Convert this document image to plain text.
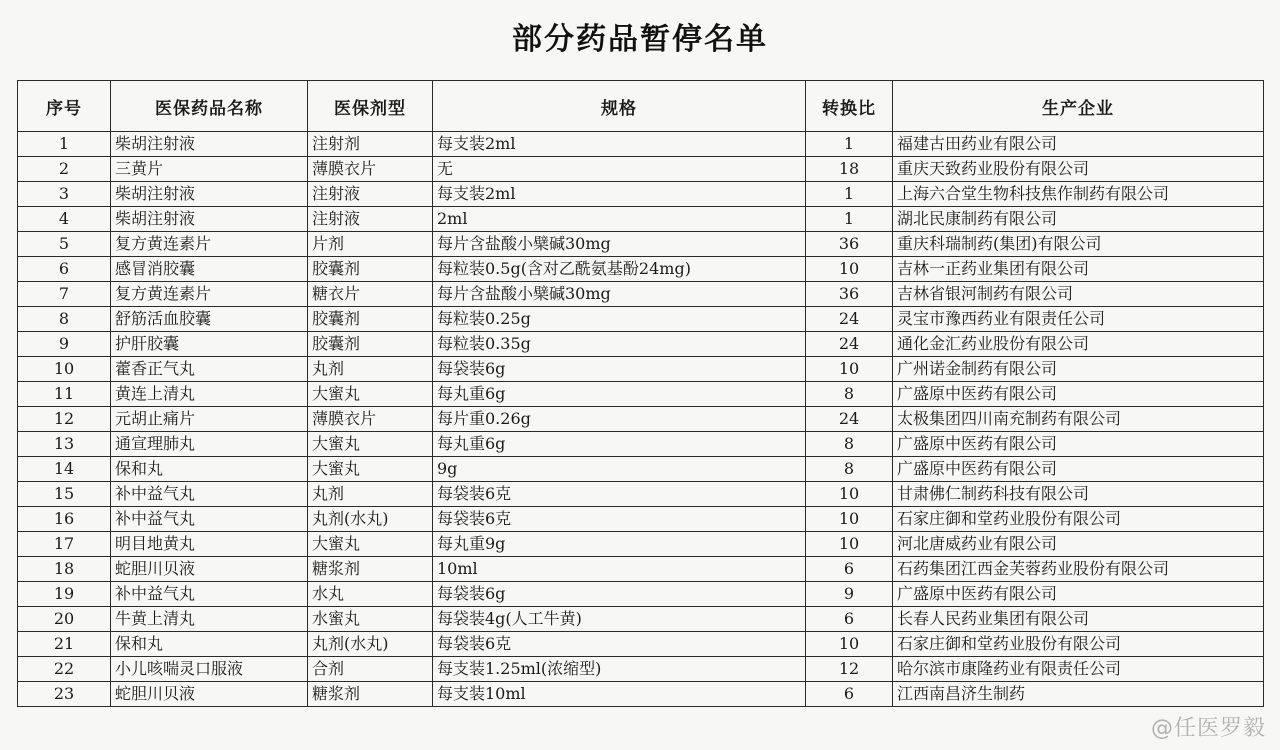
部分药品暂停名单
序号	医保药品名称	医保剂型	规格	转换比	生产企业
1	柴胡注射液	注射剂	每支装2ml	1	福建古田药业有限公司
2	三黄片	薄膜衣片	无	18	重庆天致药业股份有限公司
3	柴胡注射液	注射液	每支装2ml	1	上海六合堂生物科技焦作制药有限公司
4	柴胡注射液	注射液	2ml	1	湖北民康制药有限公司
5	复方黄连素片	片剂	每片含盐酸小檗碱30mg	36	重庆科瑞制药(集团)有限公司
6	感冒消胶囊	胶囊剂	每粒装0.5g(含对乙酰氨基酚24mg)	10	吉林一正药业集团有限公司
7	复方黄连素片	糖衣片	每片含盐酸小檗碱30mg	36	吉林省银河制药有限公司
8	舒筋活血胶囊	胶囊剂	每粒装0.25g	24	灵宝市豫西药业有限责任公司
9	护肝胶囊	胶囊剂	每粒装0.35g	24	通化金汇药业股份有限公司
10	藿香正气丸	丸剂	每袋装6g	10	广州诺金制药有限公司
11	黄连上清丸	大蜜丸	每丸重6g	8	广盛原中医药有限公司
12	元胡止痛片	薄膜衣片	每片重0.26g	24	太极集团四川南充制药有限公司
13	通宣理肺丸	大蜜丸	每丸重6g	8	广盛原中医药有限公司
14	保和丸	大蜜丸	9g	8	广盛原中医药有限公司
15	补中益气丸	丸剂	每袋装6克	10	甘肃佛仁制药科技有限公司
16	补中益气丸	丸剂(水丸)	每袋装6克	10	石家庄御和堂药业股份有限公司
17	明目地黄丸	大蜜丸	每丸重9g	10	河北唐威药业有限公司
18	蛇胆川贝液	糖浆剂	10ml	6	石药集团江西金芙蓉药业股份有限公司
19	补中益气丸	水丸	每袋装6g	9	广盛原中医药有限公司
20	牛黄上清丸	水蜜丸	每袋装4g(人工牛黄)	6	长春人民药业集团有限公司
21	保和丸	丸剂(水丸)	每袋装6克	10	石家庄御和堂药业股份有限公司
22	小儿咳喘灵口服液	合剂	每支装1.25ml(浓缩型)	12	哈尔滨市康隆药业有限责任公司
23	蛇胆川贝液	糖浆剂	每支装10ml	6	江西南昌济生制药
@任医罗毅
